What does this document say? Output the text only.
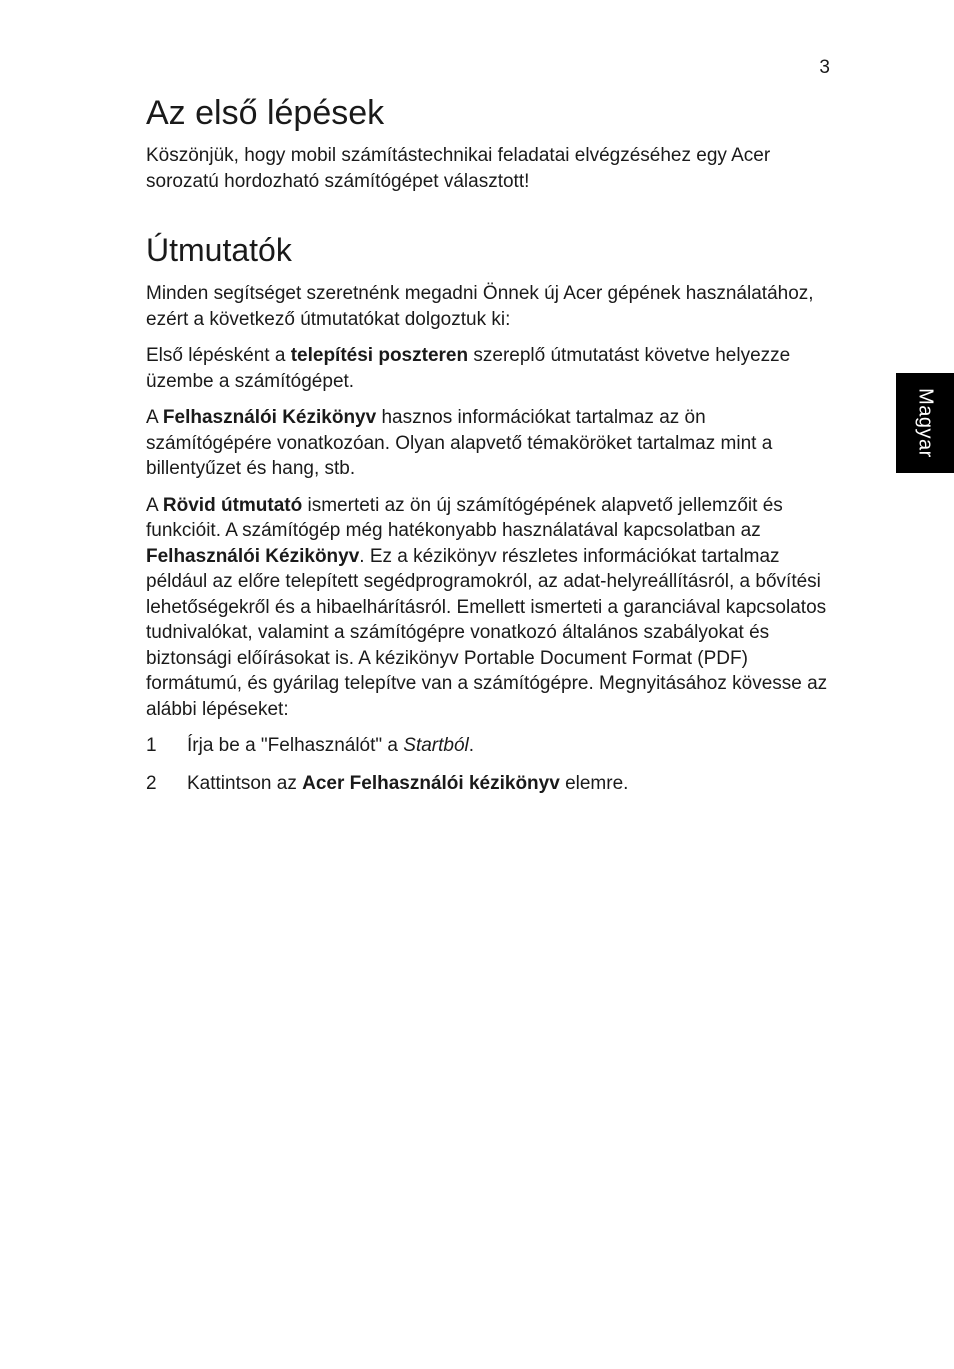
3
Magyar
Az első lépések

Köszönjük, hogy mobil számítástechnikai feladatai elvégzéséhez egy Acer sorozatú hordozható számítógépet választott!

Útmutatók

Minden segítséget szeretnénk megadni Önnek új Acer gépének használatához, ezért a következő útmutatókat dolgoztuk ki:

Első lépésként a telepítési poszteren szereplő útmutatást követve helyezze üzembe a számítógépet.

A Felhasználói Kézikönyv hasznos információkat tartalmaz az ön számítógépére vonatkozóan. Olyan alapvető témaköröket tartalmaz mint a billentyűzet és hang, stb.

A Rövid útmutató ismerteti az ön új számítógépének alapvető jellemzőit és funkcióit. A számítógép még hatékonyabb használatával kapcsolatban az Felhasználói Kézikönyv. Ez a kézikönyv részletes információkat tartalmaz például az előre telepített segédprogramokról, az adat-helyreállításról, a bővítési lehetőségekről és a hibaelhárításról. Emellett ismerteti a garanciával kapcsolatos tudnivalókat, valamint a számítógépre vonatkozó általános szabályokat és biztonsági előírásokat is. A kézikönyv Portable Document Format (PDF) formátumú, és gyárilag telepítve van a számítógépre. Megnyitásához kövesse az alábbi lépéseket:

1	Írja be a "Felhasználót" a Startból.
2	Kattintson az Acer Felhasználói kézikönyv elemre.
